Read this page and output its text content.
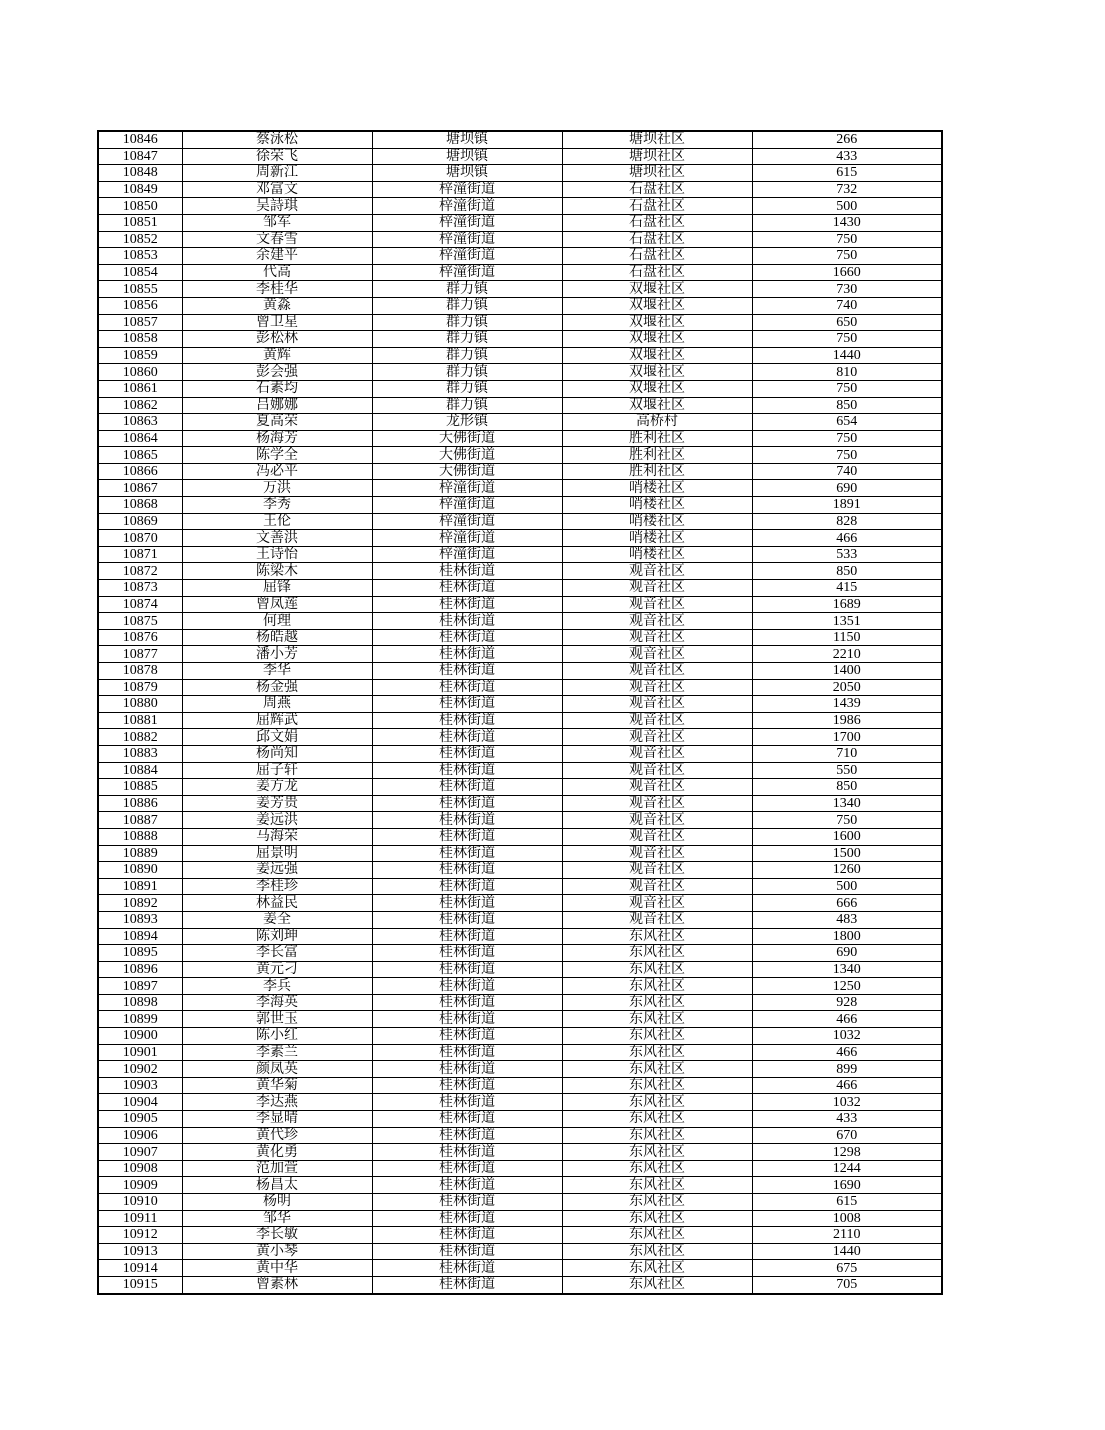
10846	蔡泳松	塘坝镇	塘坝社区	266
10847	徐荣飞	塘坝镇	塘坝社区	433
10848	周新江	塘坝镇	塘坝社区	615
10849	邓富文	梓潼街道	石盘社区	732
10850	吴詩琪	梓潼街道	石盘社区	500
10851	邹军	梓潼街道	石盘社区	1430
10852	文春雪	梓潼街道	石盘社区	750
10853	余建平	梓潼街道	石盘社区	750
10854	代高	梓潼街道	石盘社区	1660
10855	李桂华	群力镇	双堰社区	730
10856	黄淼	群力镇	双堰社区	740
10857	曾卫星	群力镇	双堰社区	650
10858	彭松林	群力镇	双堰社区	750
10859	黄辉	群力镇	双堰社区	1440
10860	彭会强	群力镇	双堰社区	810
10861	石素均	群力镇	双堰社区	750
10862	吕娜娜	群力镇	双堰社区	850
10863	夏高荣	龙形镇	高桥村	654
10864	杨海芳	大佛街道	胜利社区	750
10865	陈学全	大佛街道	胜利社区	750
10866	冯必平	大佛街道	胜利社区	740
10867	万洪	梓潼街道	哨楼社区	690
10868	李秀	梓潼街道	哨楼社区	1891
10869	王伦	梓潼街道	哨楼社区	828
10870	文善洪	梓潼街道	哨楼社区	466
10871	王诗怡	梓潼街道	哨楼社区	533
10872	陈梁木	桂林街道	观音社区	850
10873	屈锋	桂林街道	观音社区	415
10874	曾凤莲	桂林街道	观音社区	1689
10875	何理	桂林街道	观音社区	1351
10876	杨皓越	桂林街道	观音社区	1150
10877	潘小芳	桂林街道	观音社区	2210
10878	李华	桂林街道	观音社区	1400
10879	杨金强	桂林街道	观音社区	2050
10880	周燕	桂林街道	观音社区	1439
10881	屈辉武	桂林街道	观音社区	1986
10882	邱文娟	桂林街道	观音社区	1700
10883	杨尚知	桂林街道	观音社区	710
10884	屈子轩	桂林街道	观音社区	550
10885	姜方龙	桂林街道	观音社区	850
10886	姜芳贵	桂林街道	观音社区	1340
10887	姜远洪	桂林街道	观音社区	750
10888	马海荣	桂林街道	观音社区	1600
10889	屈景明	桂林街道	观音社区	1500
10890	姜远强	桂林街道	观音社区	1260
10891	李桂珍	桂林街道	观音社区	500
10892	林益民	桂林街道	观音社区	666
10893	姜全	桂林街道	观音社区	483
10894	陈刘珅	桂林街道	东风社区	1800
10895	李长富	桂林街道	东风社区	690
10896	黄元刁	桂林街道	东风社区	1340
10897	李兵	桂林街道	东风社区	1250
10898	李海英	桂林街道	东风社区	928
10899	郭世玉	桂林街道	东风社区	466
10900	陈小红	桂林街道	东风社区	1032
10901	李素兰	桂林街道	东风社区	466
10902	颜凤英	桂林街道	东风社区	899
10903	黄华菊	桂林街道	东风社区	466
10904	李达燕	桂林街道	东风社区	1032
10905	李显晴	桂林街道	东风社区	433
10906	黄代珍	桂林街道	东风社区	670
10907	黄化勇	桂林街道	东风社区	1298
10908	范加萱	桂林街道	东风社区	1244
10909	杨昌太	桂林街道	东风社区	1690
10910	杨明	桂林街道	东风社区	615
10911	邹华	桂林街道	东风社区	1008
10912	李长敏	桂林街道	东风社区	2110
10913	黄小琴	桂林街道	东风社区	1440
10914	黄中华	桂林街道	东风社区	675
10915	曾素林	桂林街道	东风社区	705
